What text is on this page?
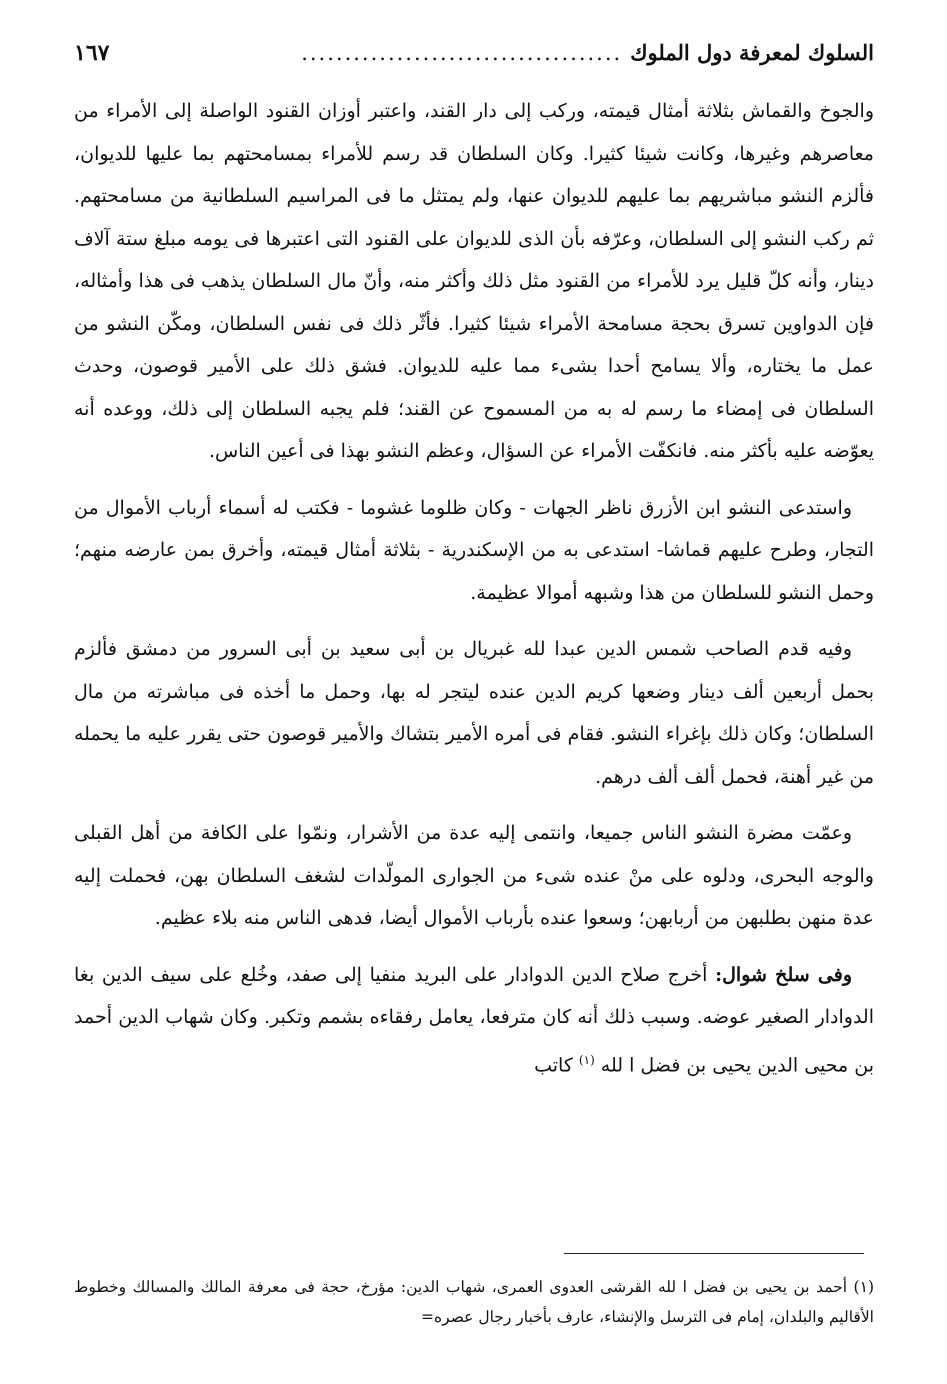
السلوك لمعرفة دول الملوك
.....................................
١٦٧

والجوخ والقماش بثلاثة أمثال قيمته، وركب إلى دار القند، واعتبر أوزان القنود الواصلة إلى الأمراء من معاصرهم وغيرها، وكانت شيئا كثيرا. وكان السلطان قد رسم للأمراء بمسامحتهم بما عليها للديوان، فألزم النشو مباشريهم بما عليهم للديوان عنها، ولم يمتثل ما فى المراسيم السلطانية من مسامحتهم. ثم ركب النشو إلى السلطان، وعرّفه بأن الذى للديوان على القنود التى اعتبرها فى يومه مبلغ ستة آلاف دينار، وأنه كلّ قليل يرد للأمراء من القنود مثل ذلك وأكثر منه، وأنّ مال السلطان يذهب فى هذا وأمثاله، فإن الدواوين تسرق بحجة مسامحة الأمراء شيئا كثيرا. فأثّر ذلك فى نفس السلطان، ومكّن النشو من عمل ما يختاره، وألا يسامح أحدا بشىء مما عليه للديوان. فشق ذلك على الأمير قوصون، وحدث السلطان فى إمضاء ما رسم له به من المسموح عن القند؛ فلم يجبه السلطان إلى ذلك، ووعده أنه يعوّضه عليه بأكثر منه. فانكفّت الأمراء عن السؤال، وعظم النشو بهذا فى أعين الناس.

واستدعى النشو ابن الأزرق ناظر الجهات - وكان ظلوما غشوما - فكتب له أسماء أرباب الأموال من التجار، وطرح عليهم قماشا- استدعى به من الإسكندرية - بثلاثة أمثال قيمته، وأخرق بمن عارضه منهم؛ وحمل النشو للسلطان من هذا وشبهه أموالا عظيمة.

وفيه قدم الصاحب شمس الدين عبدا لله غبريال بن أبى سعيد بن أبى السرور من دمشق فألزم بحمل أربعين ألف دينار وضعها كريم الدين عنده ليتجر له بها، وحمل ما أخذه فى مباشرته من مال السلطان؛ وكان ذلك بإغراء النشو. فقام فى أمره الأمير بتشاك والأمير قوصون حتى يقرر عليه ما يحمله من غير أهنة، فحمل ألف ألف درهم.

وعمّت مضرة النشو الناس جميعا، وانتمى إليه عدة من الأشرار، ونمّوا على الكافة من أهل القبلى والوجه البحرى، ودلوه على منْ عنده شىء من الجوارى المولّدات لشغف السلطان بهن، فحملت إليه عدة منهن بطلبهن من أربابهن؛ وسعوا عنده بأرباب الأموال أيضا، فدهى الناس منه بلاء عظيم.

وفى سلخ شوال: أخرج صلاح الدين الدوادار على البريد منفيا إلى صفد، وخُلع على سيف الدين بغا الدوادار الصغير عوضه. وسبب ذلك أنه كان مترفعا، يعامل رفقاءه بشمم وتكبر. وكان شهاب الدين أحمد بن محيى الدين يحيى بن فضل ا لله $^{(١)}$ كاتب

(١) أحمد بن يحيى بن فضل ا لله القرشى العدوى العمرى، شهاب الدين: مؤرخ، حجة فى معرفة المالك والمسالك وخطوط الأقاليم والبلدان، إمام فى الترسل والإنشاء، عارف بأخبار رجال عصره=
